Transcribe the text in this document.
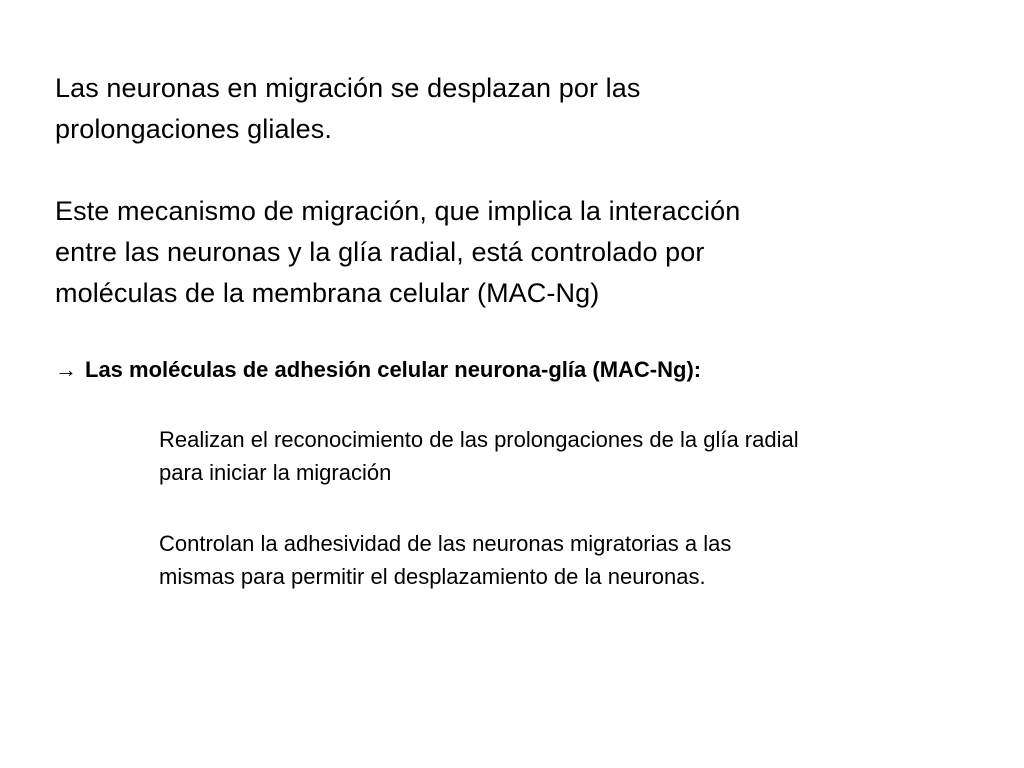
Las neuronas en migración se desplazan por las
prolongaciones gliales.

Este mecanismo de migración, que implica la interacción
entre las neuronas y la glía radial, está controlado por
moléculas de la membrana celular (MAC-Ng)

→ Las moléculas de adhesión celular neurona-glía (MAC-Ng):

Realizan el reconocimiento de las prolongaciones de la glía radial
para iniciar la migración

Controlan la adhesividad de las neuronas migratorias a las
mismas para permitir el desplazamiento de la neuronas.
